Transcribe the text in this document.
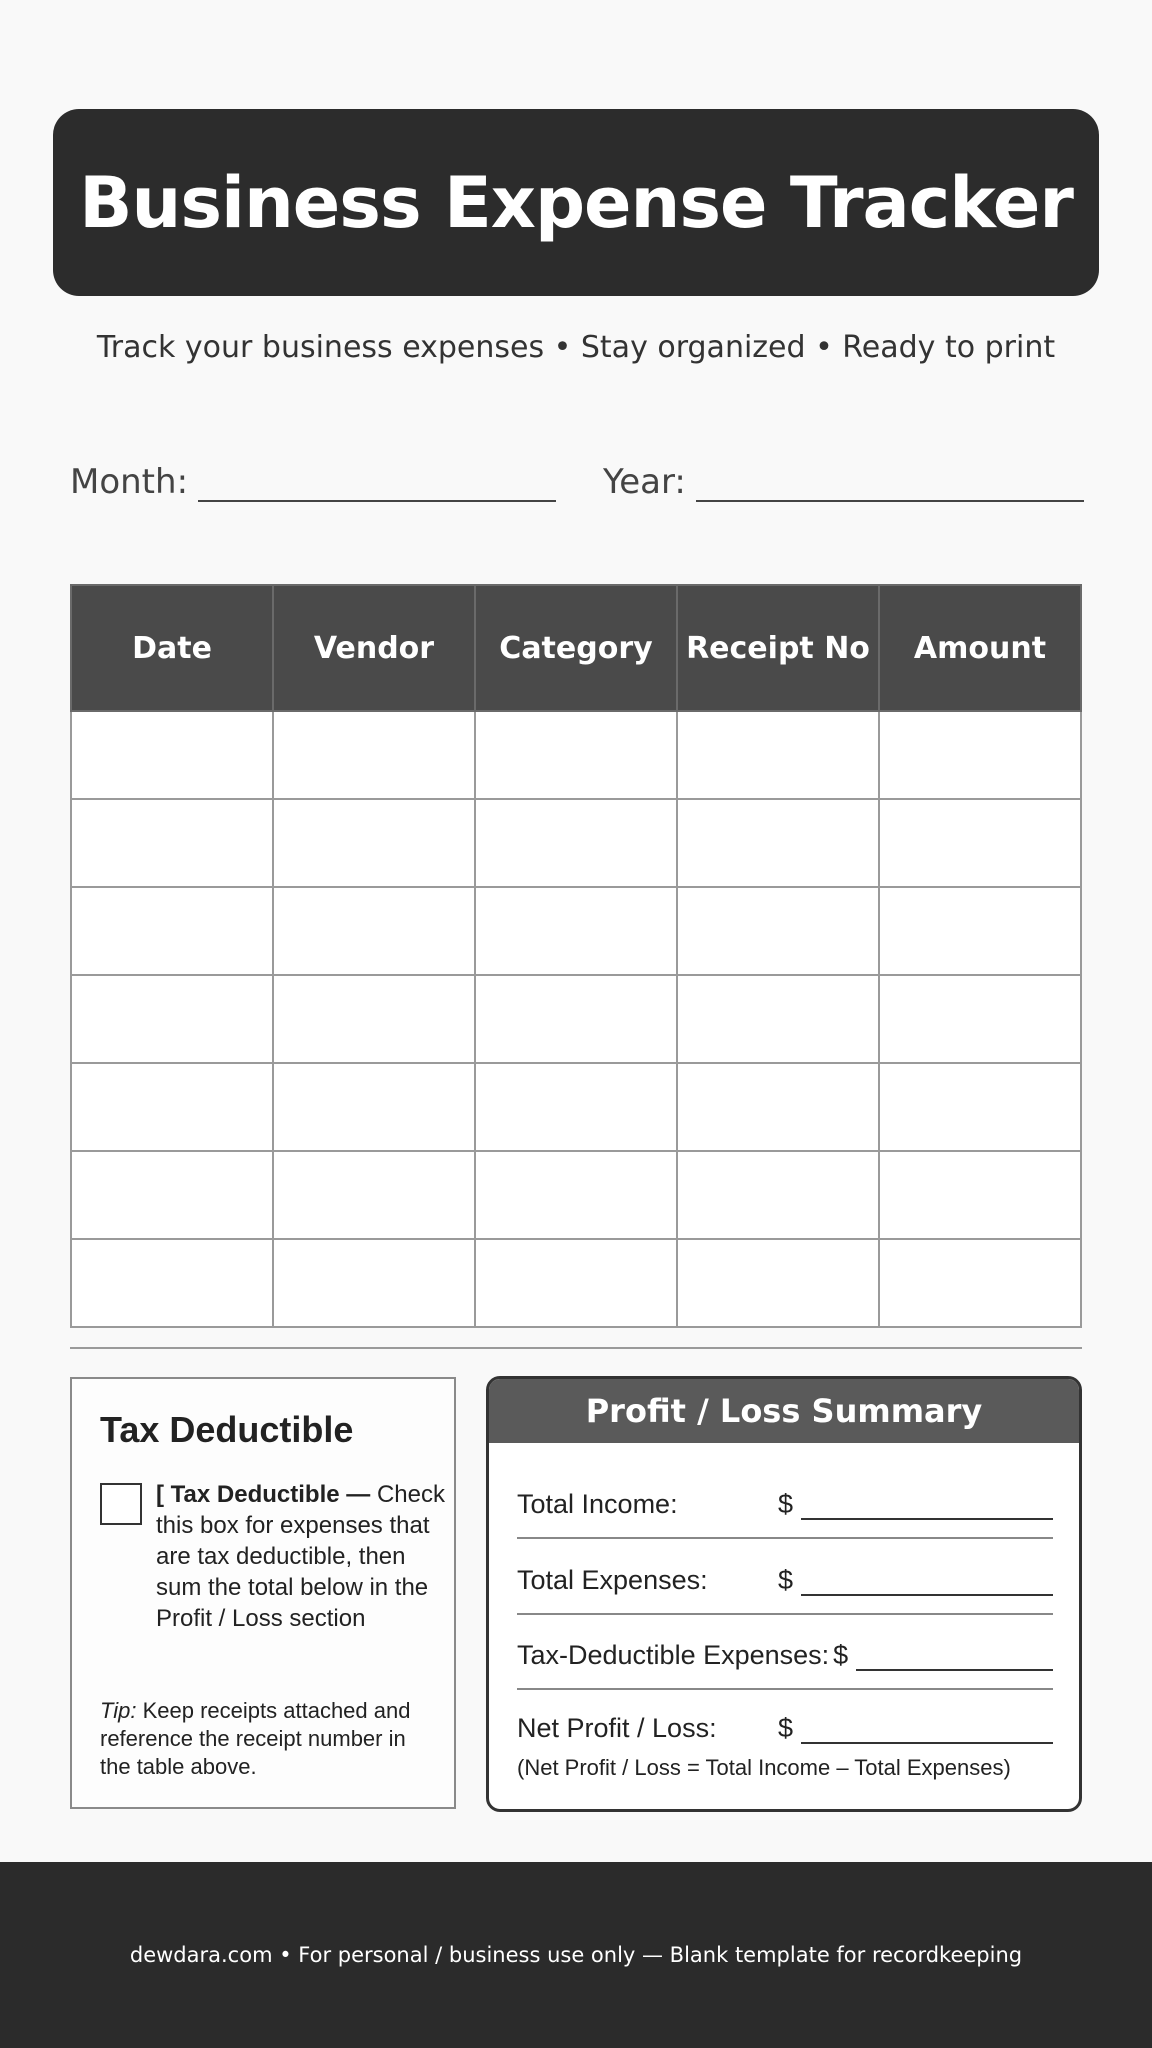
Business Expense Tracker
Track your business expenses • Stay organized • Ready to print
Month:	Year:
Date	Vendor	Category	Receipt No	Amount

Tax Deductible
[ Tax Deductible — Check this box for expenses that are tax deductible, then sum the total below in the Profit / Loss section
Tip: Keep receipts attached and reference the receipt number in the table above.
Profit / Loss Summary
Total Income:	$
Total Expenses:	$
Tax-Deductible Expenses: $
Net Profit / Loss: $
(Net Profit / Loss = Total Income – Total Expenses)
dewdara.com • For personal / business use only — Blank template for recordkeeping
